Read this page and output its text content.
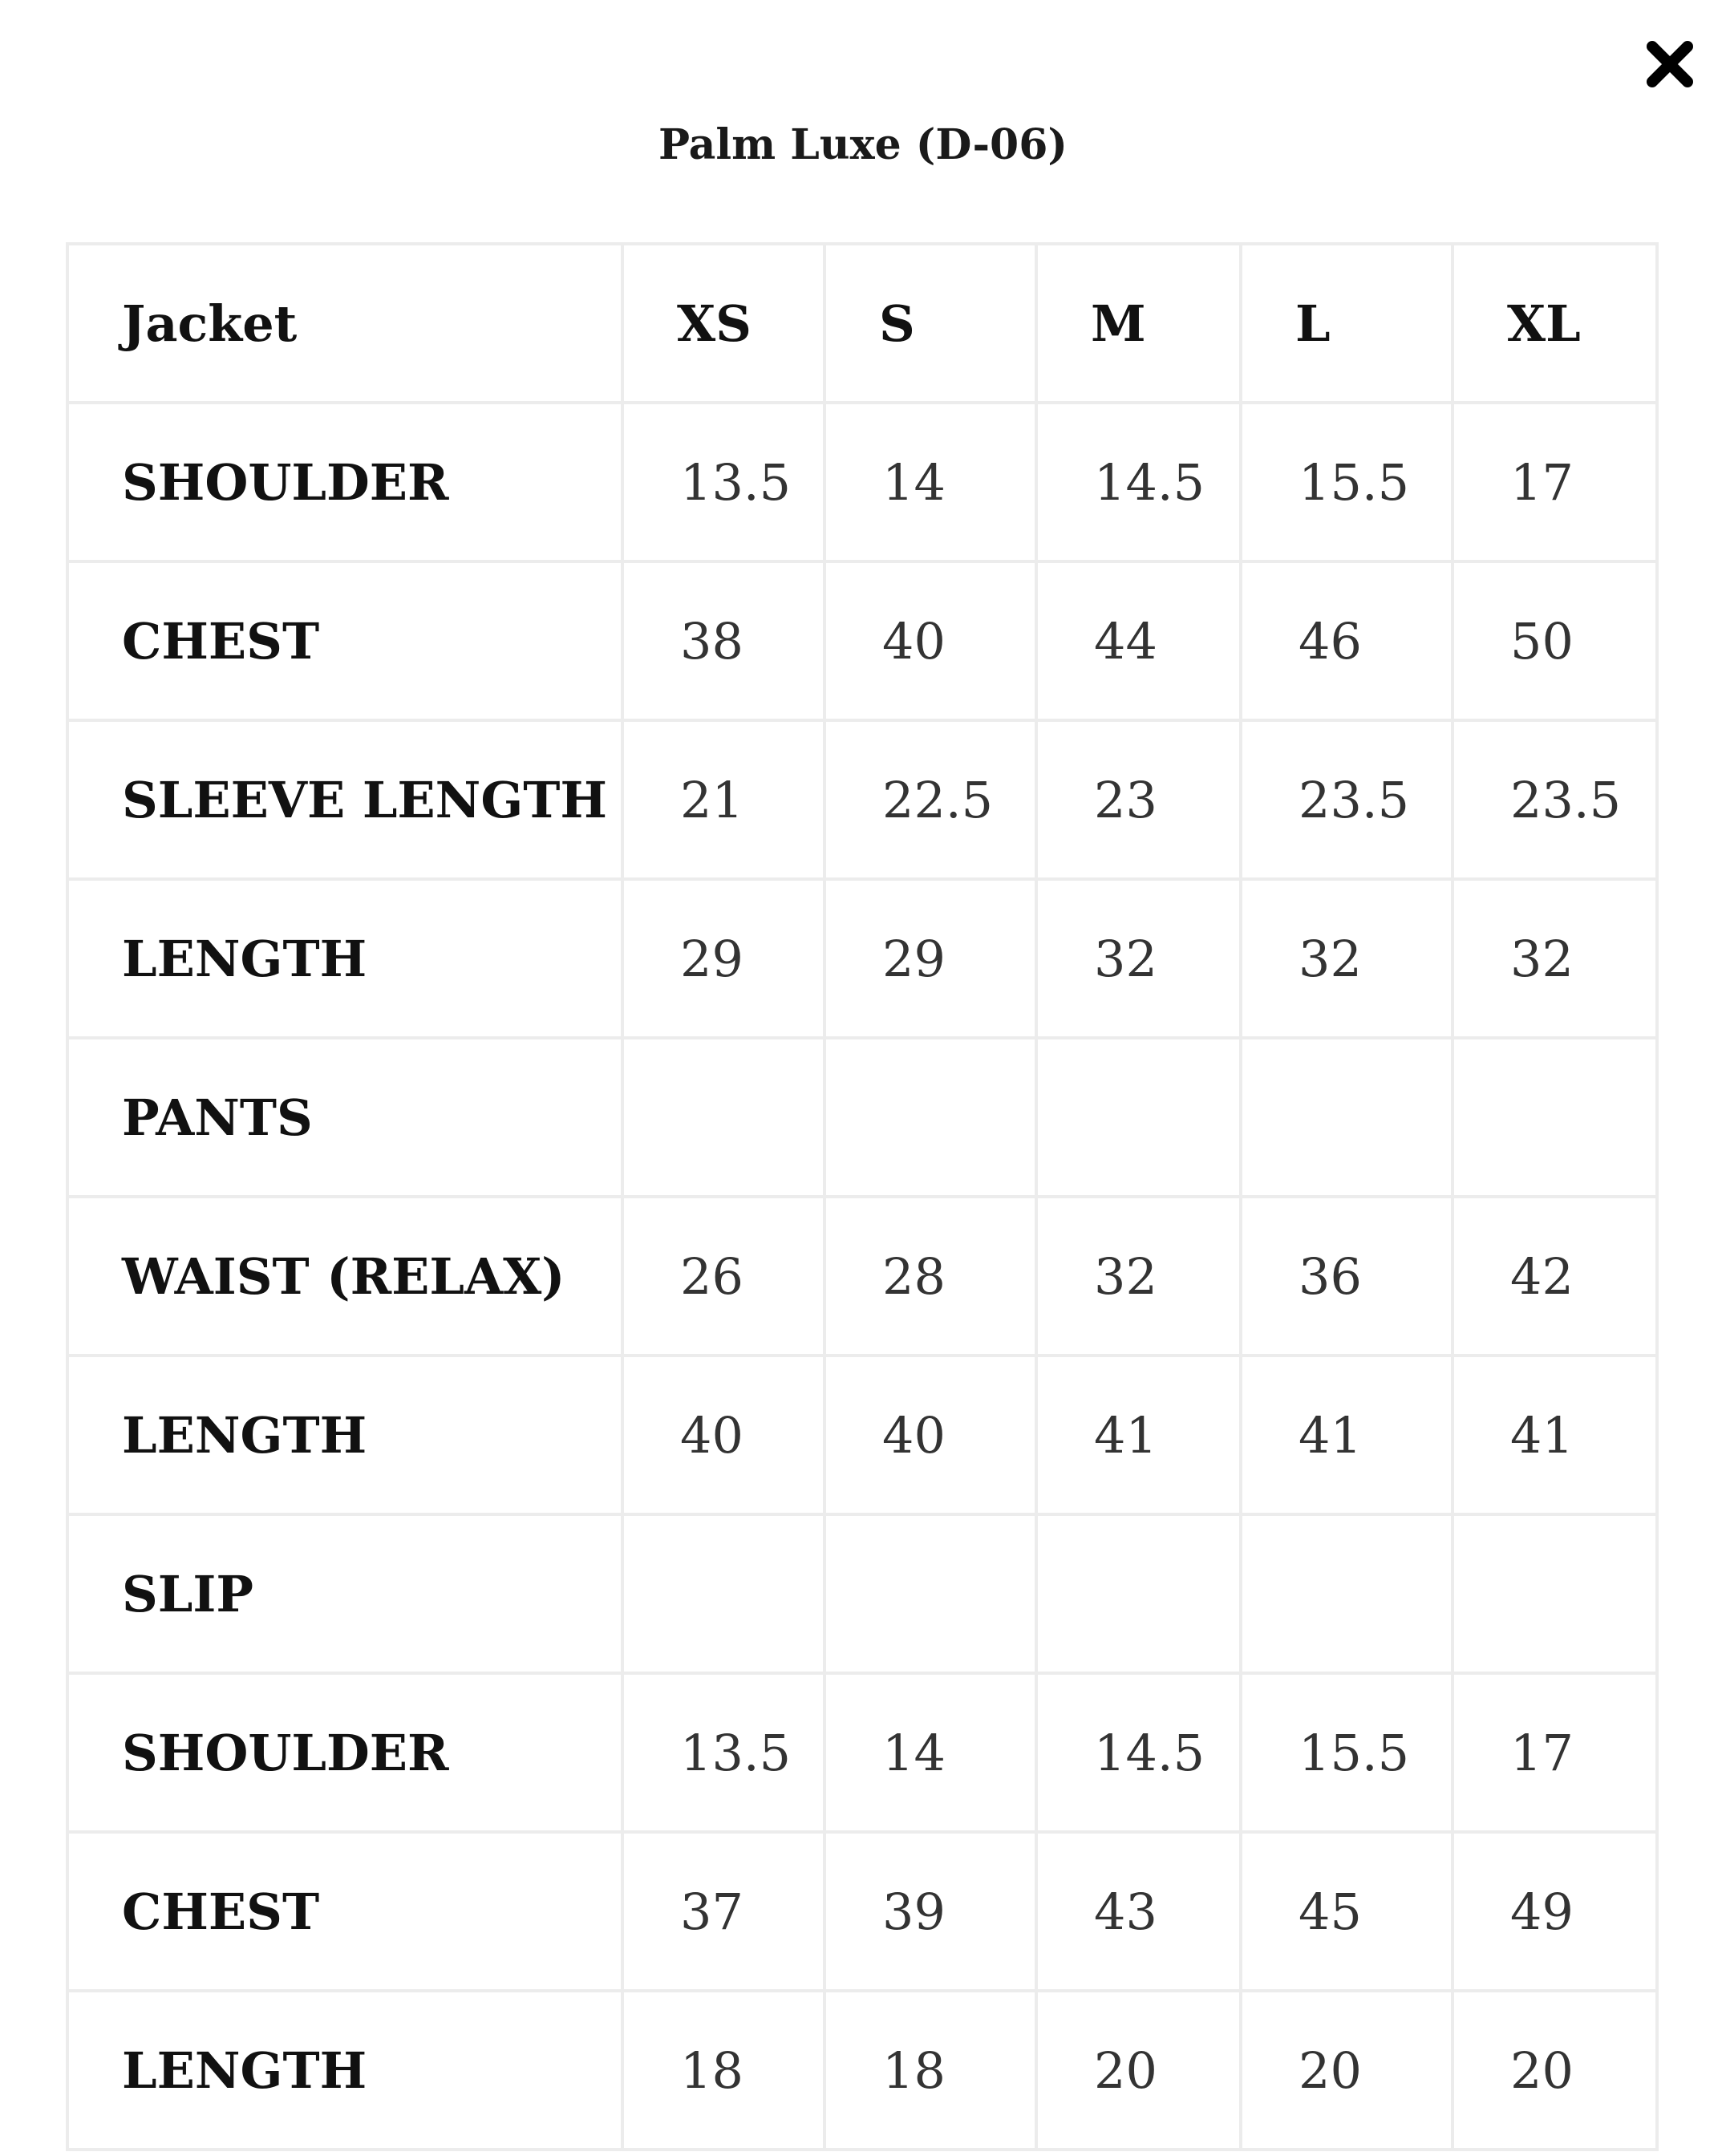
Palm Luxe (D-06)
Jacket	XS	S	M	L	XL
SHOULDER	13.5	14	14.5	15.5	17
CHEST	38	40	44	46	50
SLEEVE LENGTH	21	22.5	23	23.5	23.5
LENGTH	29	29	32	32	32
PANTS					
WAIST (RELAX)	26	28	32	36	42
LENGTH	40	40	41	41	41
SLIP					
SHOULDER	13.5	14	14.5	15.5	17
CHEST	37	39	43	45	49
LENGTH	18	18	20	20	20
